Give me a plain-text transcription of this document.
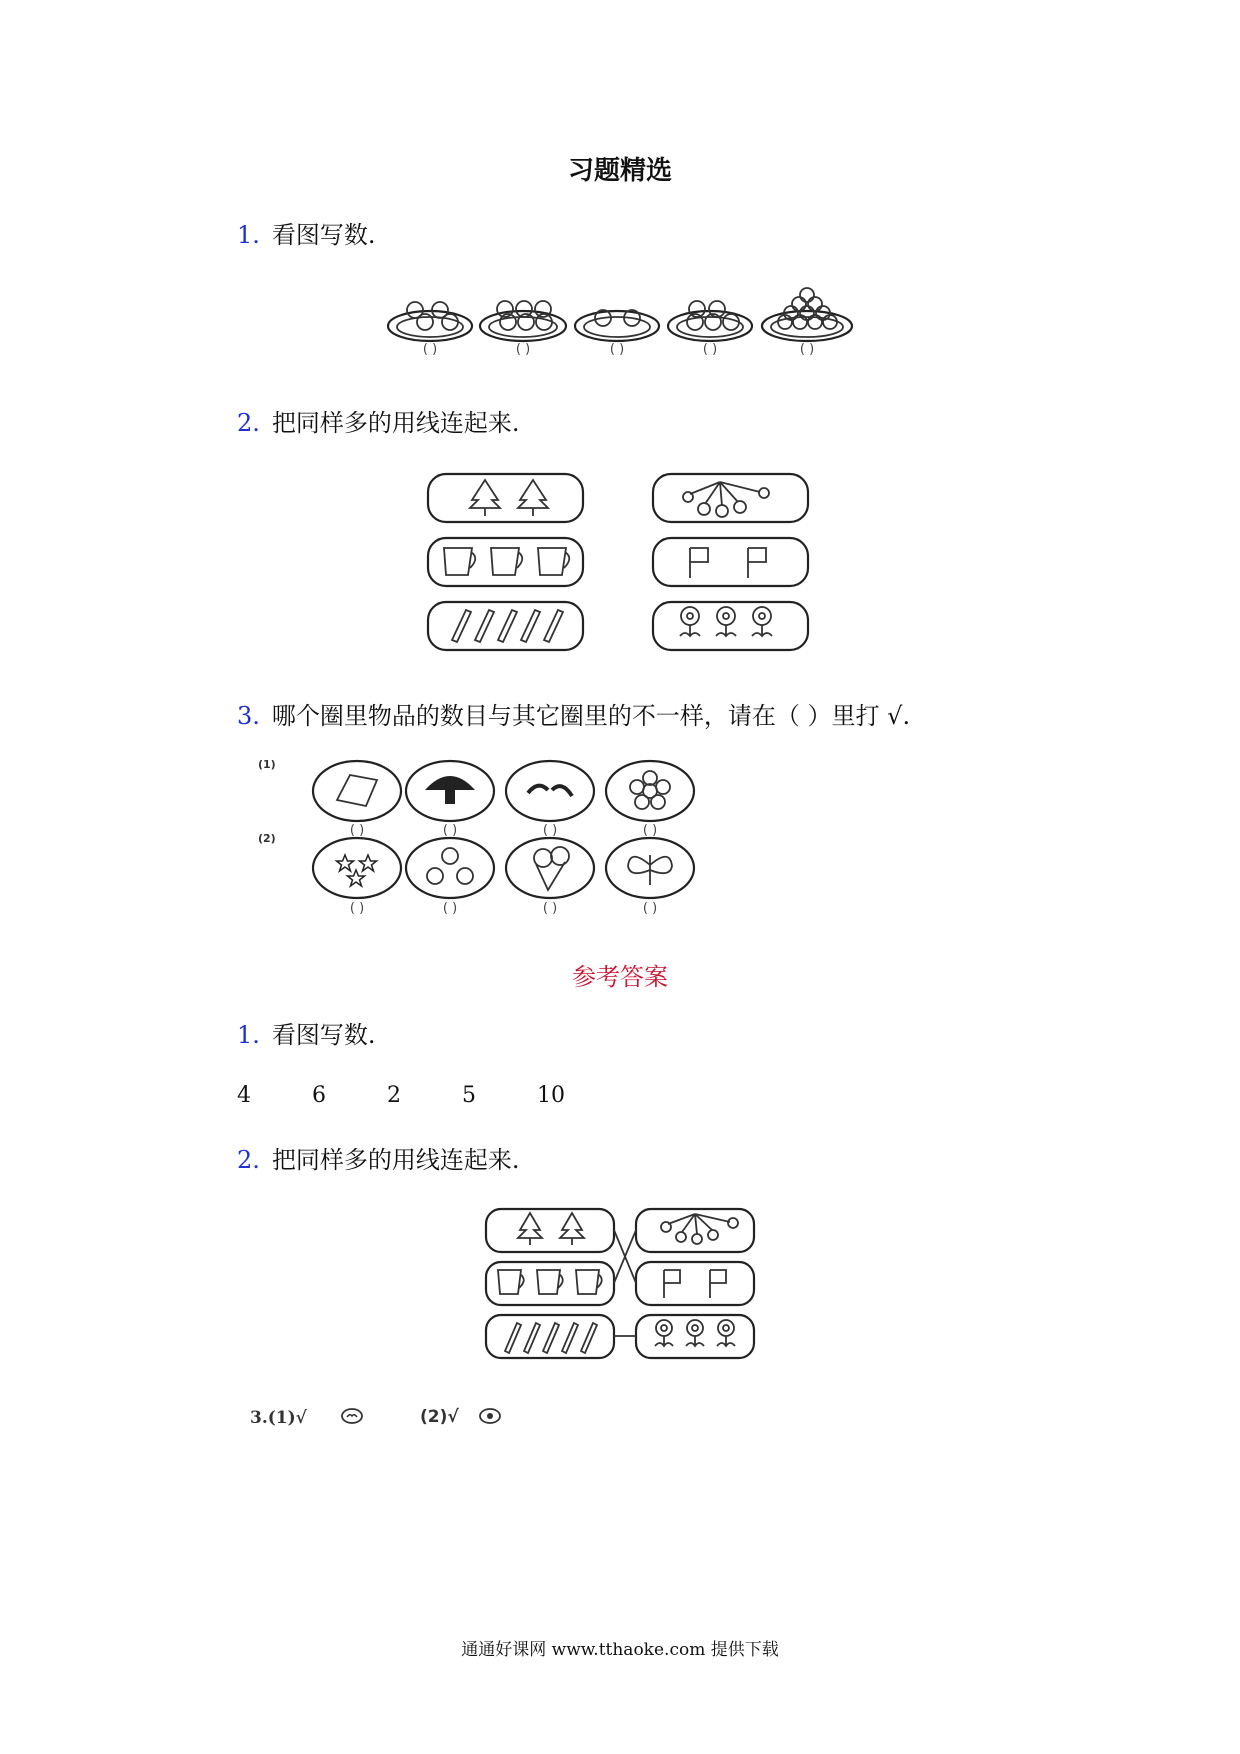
习题精选
1. 看图写数.
( )	( )	( )	( )	( )
2. 把同样多的用线连起来.
3. 哪个圈里物品的数目与其它圈里的不一样，请在（ ）里打 √.
(1)
(2)
( )	( )	( )	( )
( )	( )	( )	( )
参考答案
1. 看图写数.
4	6	2	5	10
2. 把同样多的用线连起来.
3.(1)√	(2)√
通通好课网 www.tthaoke.com 提供下载
